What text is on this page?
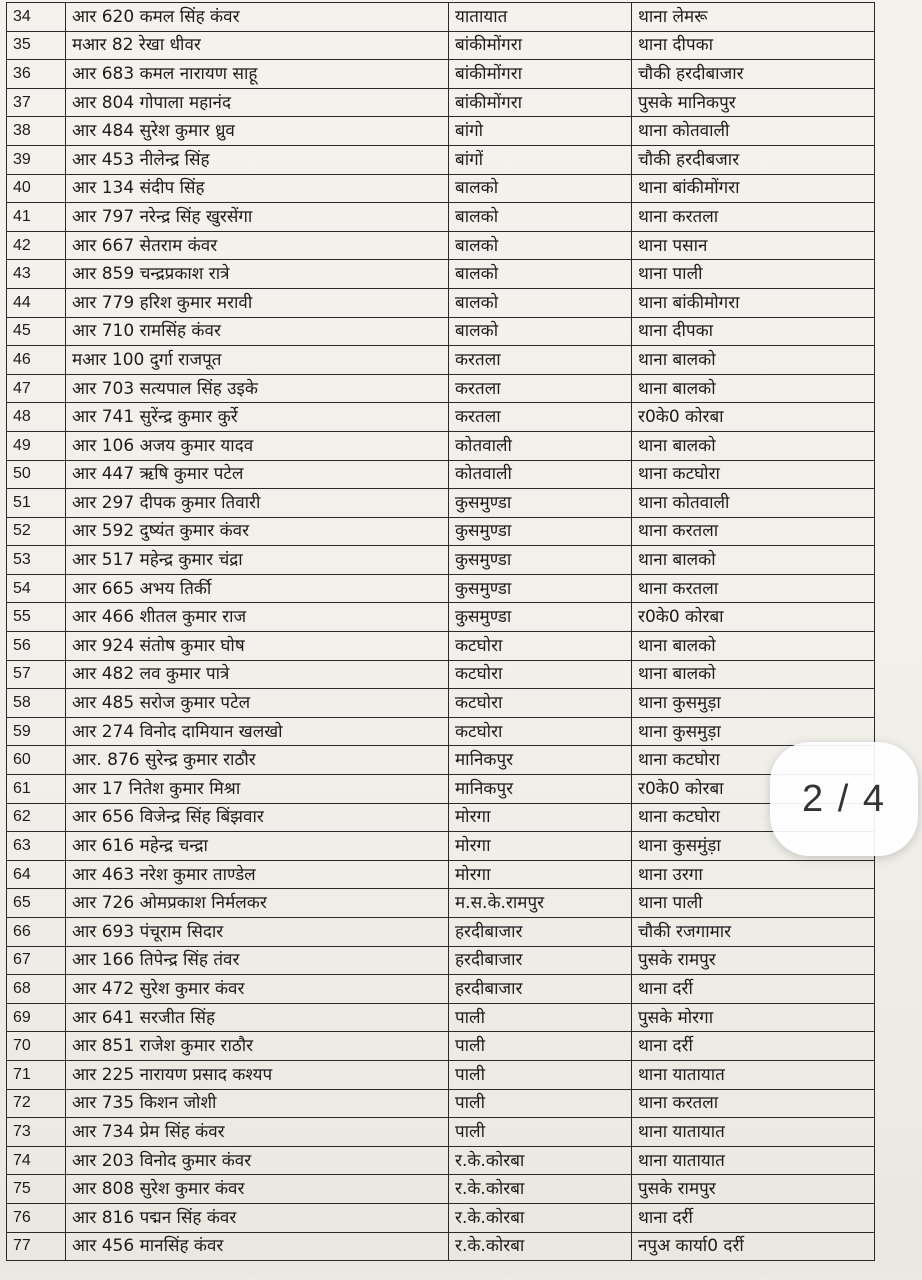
34	आर 620 कमल सिंह कंवर	यातायात	थाना लेमरू	
35	मआर 82 रेखा धीवर	बांकीमोंगरा	थाना दीपका	
36	आर 683 कमल नारायण साहू	बांकीमोंगरा	चौकी हरदीबाजार	
37	आर 804 गोपाला महानंद	बांकीमोंगरा	पुसके मानिकपुर	
38	आर 484 सुरेश कुमार ध्रुव	बांगो	थाना कोतवाली	
39	आर 453 नीलेन्द्र सिंह	बांगों	चौकी हरदीबजार	
40	आर 134 संदीप सिंह	बालको	थाना बांकीमोंगरा	
41	आर 797 नरेन्द्र सिंह खुरसेंगा	बालको	थाना करतला	
42	आर 667 सेतराम कंवर	बालको	थाना पसान	
43	आर 859 चन्द्रप्रकाश रात्रे	बालको	थाना पाली	
44	आर 779 हरिश कुमार मरावी	बालको	थाना बांकीमोगरा	
45	आर 710 रामसिंह कंवर	बालको	थाना दीपका	
46	मआर 100 दुर्गा राजपूत	करतला	थाना बालको	
47	आर 703 सत्यपाल सिंह उइके	करतला	थाना बालको	
48	आर 741 सुरेंन्द्र कुमार कुर्रे	करतला	र0के0 कोरबा	
49	आर 106 अजय कुमार यादव	कोतवाली	थाना बालको	
50	आर 447 ऋषि कुमार पटेल	कोतवाली	थाना कटघोरा	
51	आर 297 दीपक कुमार तिवारी	कुसमुण्डा	थाना कोतवाली	
52	आर 592 दुष्यंत कुमार कंवर	कुसमुण्डा	थाना करतला	
53	आर 517 महेन्द्र कुमार चंद्रा	कुसमुण्डा	थाना बालको	
54	आर 665 अभय तिर्की	कुसमुण्डा	थाना करतला	
55	आर 466 शीतल कुमार राज	कुसमुण्डा	र0के0 कोरबा	
56	आर 924 संतोष कुमार घोष	कटघोरा	थाना बालको	
57	आर 482 लव कुमार पात्रे	कटघोरा	थाना बालको	
58	आर 485 सरोज कुमार पटेल	कटघोरा	थाना कुसमुड़ा	
59	आर 274 विनोद दामियान खलखो	कटघोरा	थाना कुसमुड़ा	
60	आर. 876 सुरेन्द्र कुमार राठौर	मानिकपुर	थाना कटघोरा	
61	आर 17 नितेश कुमार मिश्रा	मानिकपुर	र0के0 कोरबा	
62	आर 656 विजेन्द्र सिंह बिंझवार	मोरगा	थाना कटघोरा	
63	आर 616 महेन्द्र चन्द्रा	मोरगा	थाना कुसमुंड़ा	
64	आर 463 नरेश कुमार ताण्डेल	मोरगा	थाना उरगा	
65	आर 726 ओमप्रकाश निर्मलकर	म.स.के.रामपुर	थाना पाली	
66	आर 693 पंचूराम सिदार	हरदीबाजार	चौकी रजगामार	
67	आर 166 तिपेन्द्र सिंह तंवर	हरदीबाजार	पुसके रामपुर	
68	आर 472 सुरेश कुमार कंवर	हरदीबाजार	थाना दर्री	
69	आर 641 सरजीत सिंह	पाली	पुसके मोरगा	
70	आर 851 राजेश कुमार राठौर	पाली	थाना दर्री	
71	आर 225 नारायण प्रसाद कश्यप	पाली	थाना यातायात	
72	आर 735 किशन जोशी	पाली	थाना करतला	
73	आर 734 प्रेम सिंह कंवर	पाली	थाना यातायात	
74	आर 203 विनोद कुमार कंवर	र.के.कोरबा	थाना यातायात	
75	आर 808 सुरेश कुमार कंवर	र.के.कोरबा	पुसके रामपुर	
76	आर 816 पद्मन सिंह कंवर	र.के.कोरबा	थाना दर्री	
77	आर 456 मानसिंह कंवर	र.के.कोरबा	नपुअ कार्या0 दर्री	
2 / 4
